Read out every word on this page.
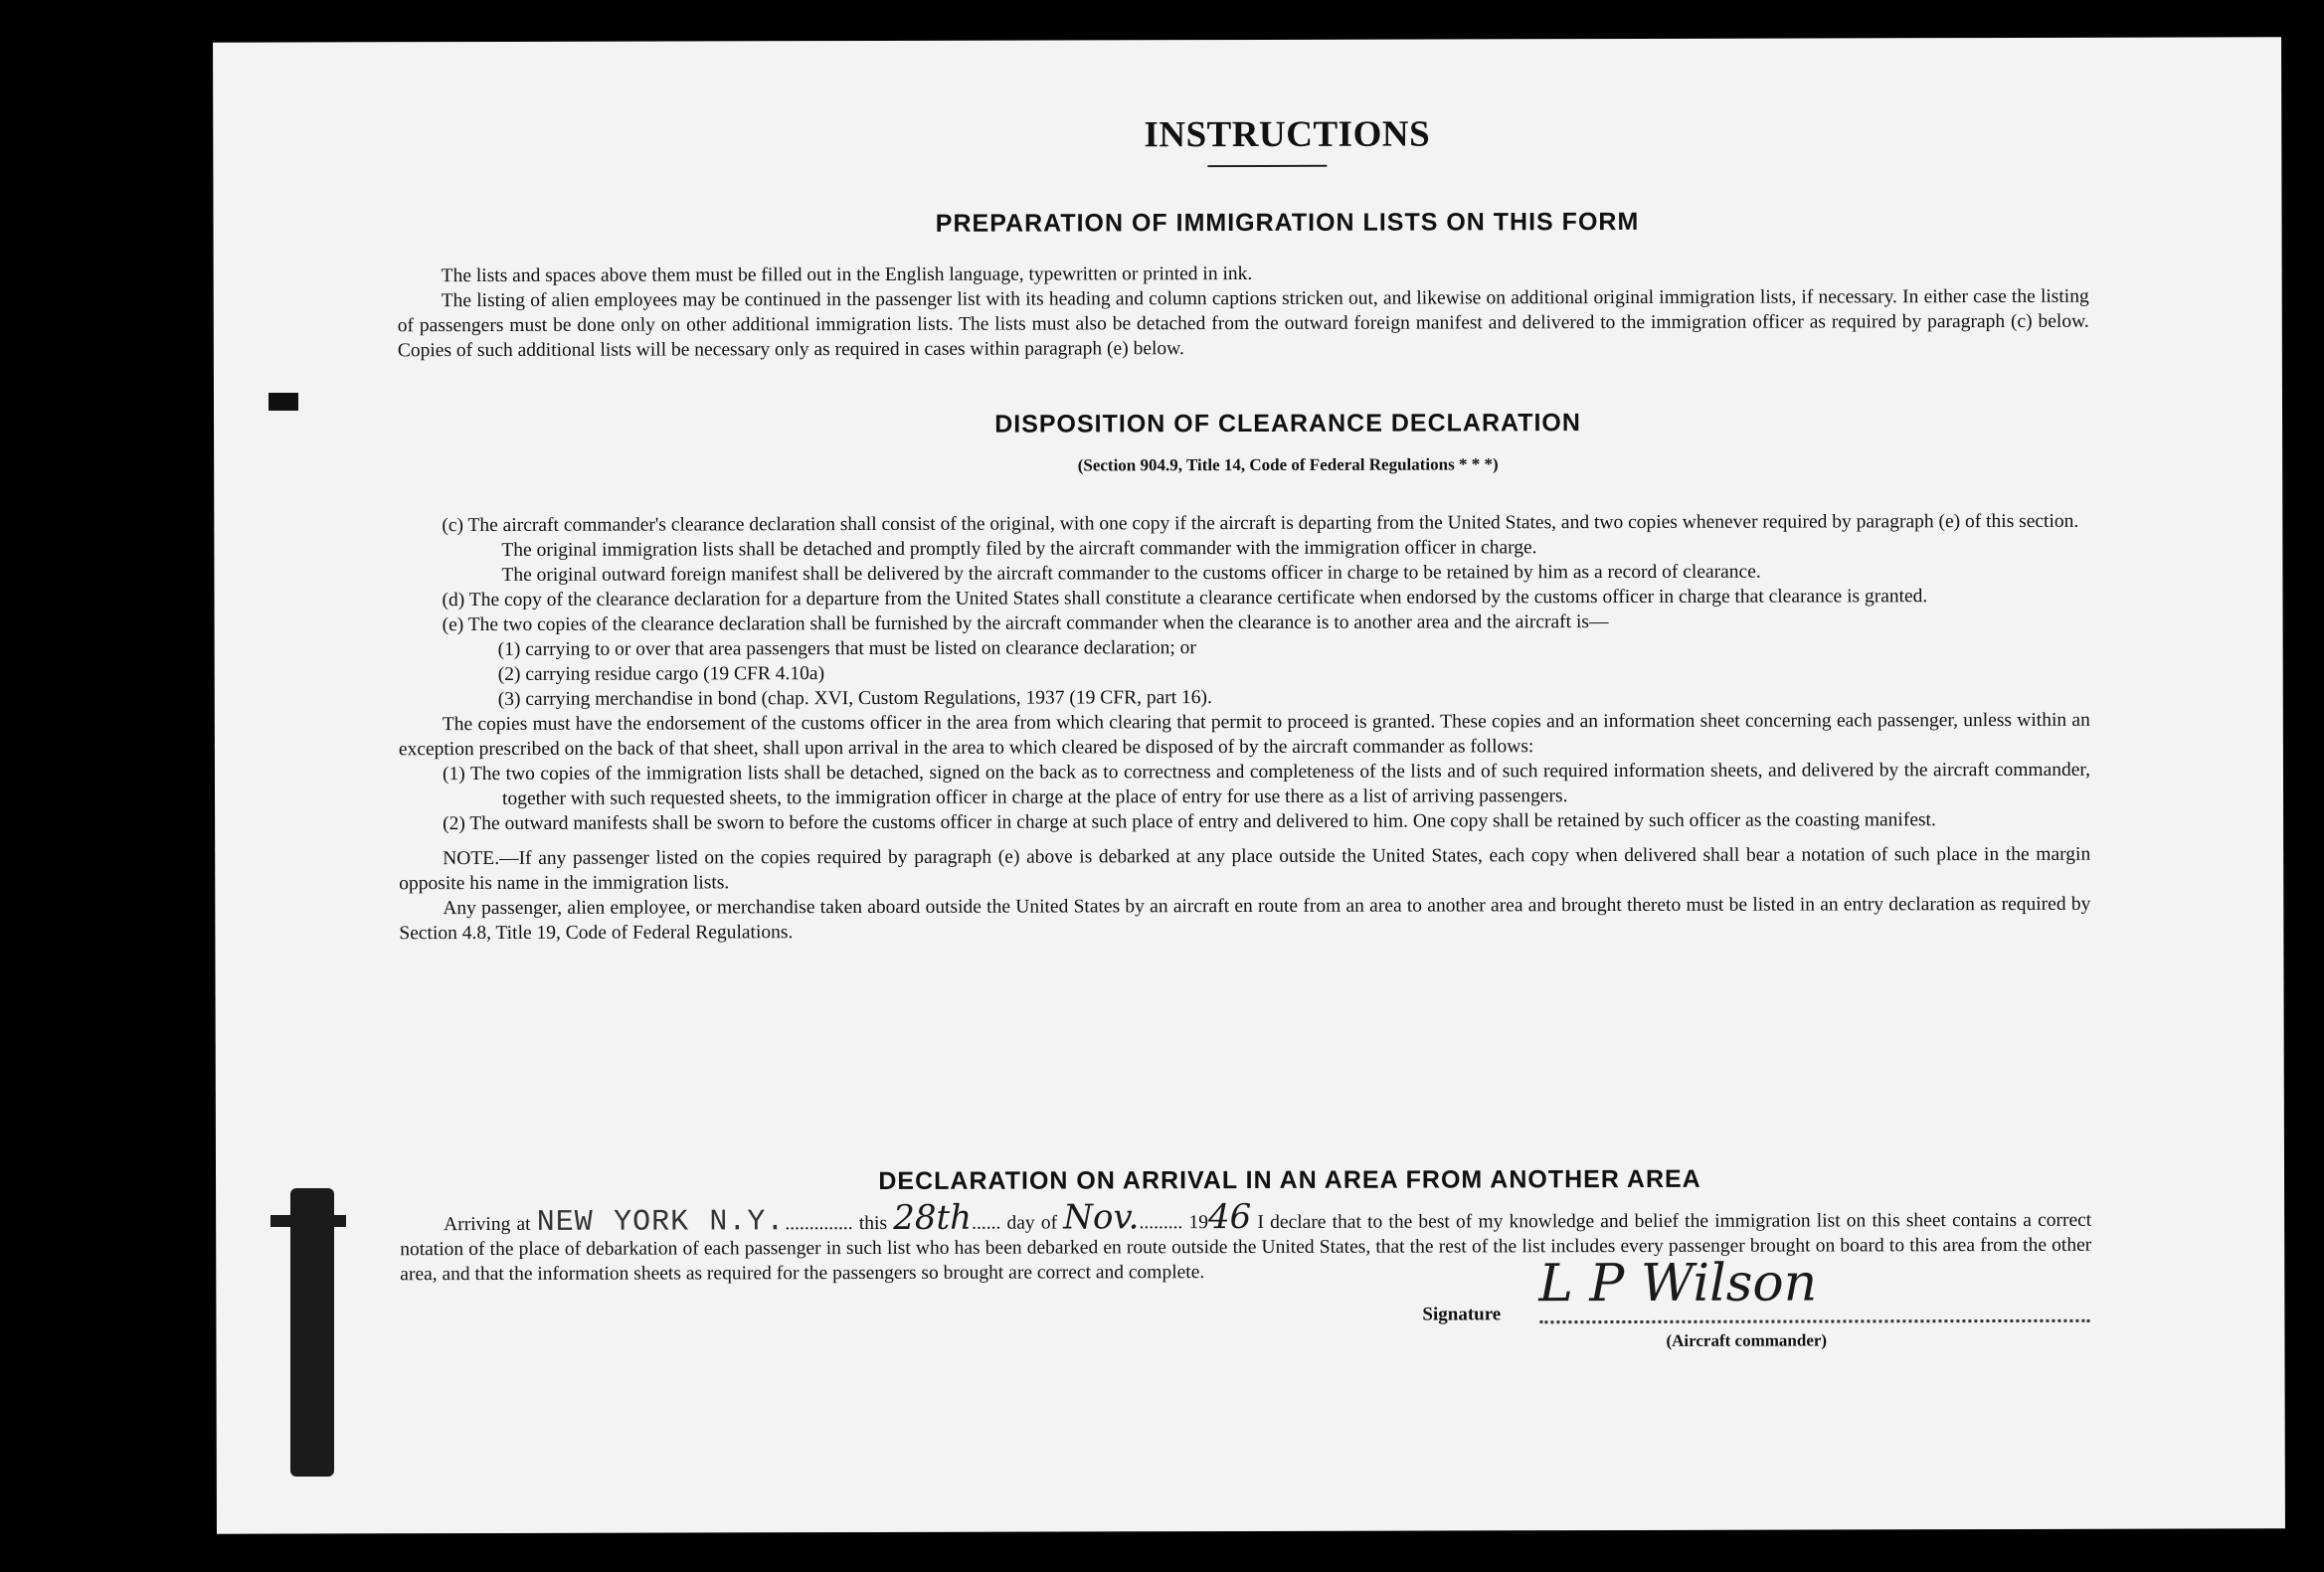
INSTRUCTIONS
PREPARATION OF IMMIGRATION LISTS ON THIS FORM

The lists and spaces above them must be filled out in the English language, typewritten or printed in ink.

The listing of alien employees may be continued in the passenger list with its heading and column captions stricken out, and likewise on additional original immigration lists, if necessary. In either case the listing of passengers must be done only on other additional immigration lists. The lists must also be detached from the outward foreign manifest and delivered to the immigration officer as required by paragraph (c) below. Copies of such additional lists will be necessary only as required in cases within paragraph (e) below.

DISPOSITION OF CLEARANCE DECLARATION
(Section 904.9, Title 14, Code of Federal Regulations * * *)

(c) The aircraft commander's clearance declaration shall consist of the original, with one copy if the aircraft is departing from the United States, and two copies whenever required by paragraph (e) of this section.

The original immigration lists shall be detached and promptly filed by the aircraft commander with the immigration officer in charge.

The original outward foreign manifest shall be delivered by the aircraft commander to the customs officer in charge to be retained by him as a record of clearance.

(d) The copy of the clearance declaration for a departure from the United States shall constitute a clearance certificate when endorsed by the customs officer in charge that clearance is granted.

(e) The two copies of the clearance declaration shall be furnished by the aircraft commander when the clearance is to another area and the aircraft is—

(1) carrying to or over that area passengers that must be listed on clearance declaration; or

(2) carrying residue cargo (19 CFR 4.10a)

(3) carrying merchandise in bond (chap. XVI, Custom Regulations, 1937 (19 CFR, part 16).

The copies must have the endorsement of the customs officer in the area from which clearing that permit to proceed is granted. These copies and an information sheet concerning each passenger, unless within an exception prescribed on the back of that sheet, shall upon arrival in the area to which cleared be disposed of by the aircraft commander as follows:

(1) The two copies of the immigration lists shall be detached, signed on the back as to correctness and completeness of the lists and of such required information sheets, and delivered by the aircraft commander, together with such requested sheets, to the immigration officer in charge at the place of entry for use there as a list of arriving passengers.

(2) The outward manifests shall be sworn to before the customs officer in charge at such place of entry and delivered to him. One copy shall be retained by such officer as the coasting manifest.

NOTE.—If any passenger listed on the copies required by paragraph (e) above is debarked at any place outside the United States, each copy when delivered shall bear a notation of such place in the margin opposite his name in the immigration lists.

Any passenger, alien employee, or merchandise taken aboard outside the United States by an aircraft en route from an area to another area and brought thereto must be listed in an entry declaration as required by Section 4.8, Title 19, Code of Federal Regulations.

DECLARATION ON ARRIVAL IN AN AREA FROM ANOTHER AREA
Arriving at NEW YORK N.Y............... this 28th...... day of Nov.......... 1946 I declare that to the best of my knowledge and belief the immigration list on this sheet contains a correct notation of the place of debarkation of each passenger in such list who has been debarked en route outside the United States, that the rest of the list includes every passenger brought on board to this area from the other area, and that the information sheets as required for the passengers so brought are correct and complete.
Signature
L P Wilson
(Aircraft commander)
